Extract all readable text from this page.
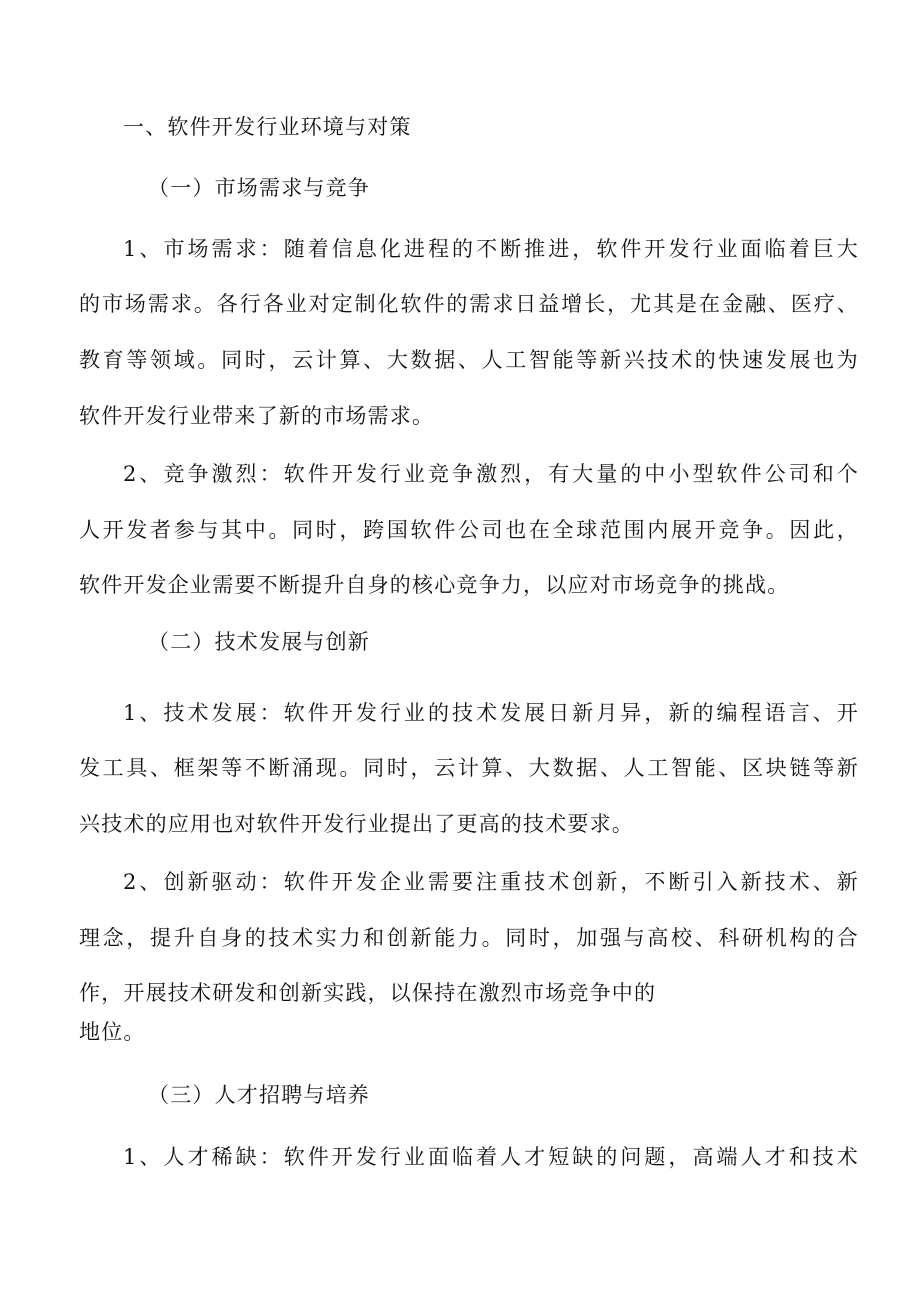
一、软件开发行业环境与对策
（一）市场需求与竞争
1、市场需求：随着信息化进程的不断推进，软件开发行业面临着巨大
的市场需求。各行各业对定制化软件的需求日益增长，尤其是在金融、医疗、
教育等领域。同时，云计算、大数据、人工智能等新兴技术的快速发展也为
软件开发行业带来了新的市场需求。
2、竞争激烈：软件开发行业竞争激烈，有大量的中小型软件公司和个
人开发者参与其中。同时，跨国软件公司也在全球范围内展开竞争。因此，
软件开发企业需要不断提升自身的核心竞争力，以应对市场竞争的挑战。
（二）技术发展与创新
1、技术发展：软件开发行业的技术发展日新月异，新的编程语言、开
发工具、框架等不断涌现。同时，云计算、大数据、人工智能、区块链等新
兴技术的应用也对软件开发行业提出了更高的技术要求。
2、创新驱动：软件开发企业需要注重技术创新，不断引入新技术、新
理念，提升自身的技术实力和创新能力。同时，加强与高校、科研机构的合
作，开展技术研发和创新实践，以保持在激烈市场竞争中的
地位。
（三）人才招聘与培养
1、人才稀缺：软件开发行业面临着人才短缺的问题，高端人才和技术
